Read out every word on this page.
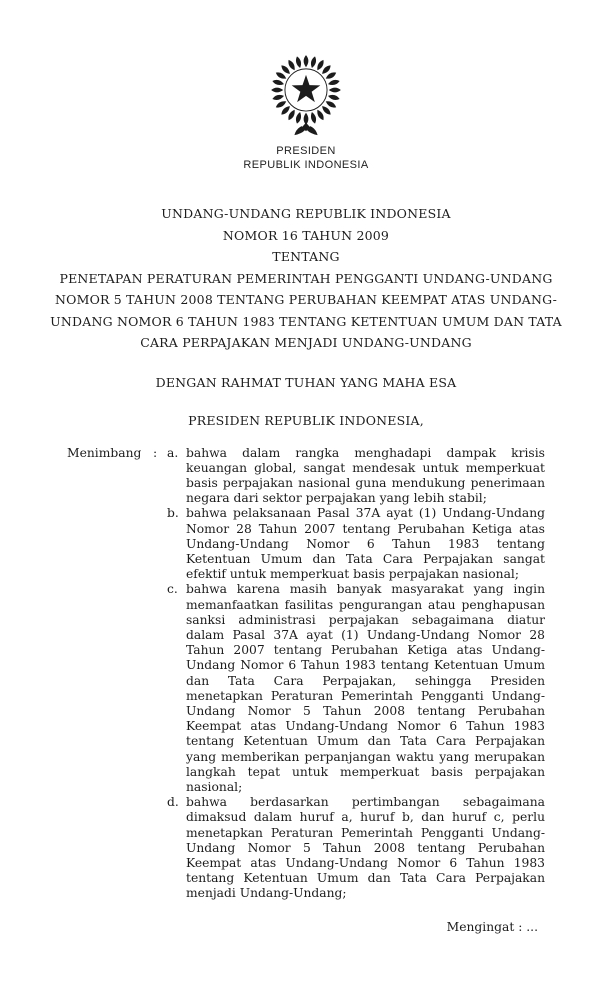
PRESIDEN
REPUBLIK INDONESIA
UNDANG-UNDANG REPUBLIK INDONESIA
NOMOR 16 TAHUN 2009
TENTANG
PENETAPAN PERATURAN PEMERINTAH PENGGANTI UNDANG-UNDANG
NOMOR 5 TAHUN 2008 TENTANG PERUBAHAN KEEMPAT ATAS UNDANG-
UNDANG NOMOR 6 TAHUN 1983 TENTANG KETENTUAN UMUM DAN TATA
CARA PERPAJAKAN MENJADI UNDANG-UNDANG
DENGAN RAHMAT TUHAN YANG MAHA ESA
PRESIDEN REPUBLIK INDONESIA,
Menimbang : a. bahwa dalam rangka menghadapi dampak krisis keuangan global, sangat mendesak untuk memperkuat basis perpajakan nasional guna mendukung penerimaan negara dari sektor perpajakan yang lebih stabil;
b. bahwa pelaksanaan Pasal 37A ayat (1) Undang-Undang Nomor 28 Tahun 2007 tentang Perubahan Ketiga atas Undang-Undang Nomor 6 Tahun 1983 tentang Ketentuan Umum dan Tata Cara Perpajakan sangat efektif untuk memperkuat basis perpajakan nasional;
c. bahwa karena masih banyak masyarakat yang ingin memanfaatkan fasilitas pengurangan atau penghapusan sanksi administrasi perpajakan sebagaimana diatur dalam Pasal 37A ayat (1) Undang-Undang Nomor 28 Tahun 2007 tentang Perubahan Ketiga atas Undang-Undang Nomor 6 Tahun 1983 tentang Ketentuan Umum dan Tata Cara Perpajakan, sehingga Presiden menetapkan Peraturan Pemerintah Pengganti Undang-Undang Nomor 5 Tahun 2008 tentang Perubahan Keempat atas Undang-Undang Nomor 6 Tahun 1983 tentang Ketentuan Umum dan Tata Cara Perpajakan yang memberikan perpanjangan waktu yang merupakan langkah tepat untuk memperkuat basis perpajakan nasional;
d. bahwa berdasarkan pertimbangan sebagaimana dimaksud dalam huruf a, huruf b, dan huruf c, perlu menetapkan Peraturan Pemerintah Pengganti Undang-Undang Nomor 5 Tahun 2008 tentang Perubahan Keempat atas Undang-Undang Nomor 6 Tahun 1983 tentang Ketentuan Umum dan Tata Cara Perpajakan menjadi Undang-Undang;
Mengingat : ...
